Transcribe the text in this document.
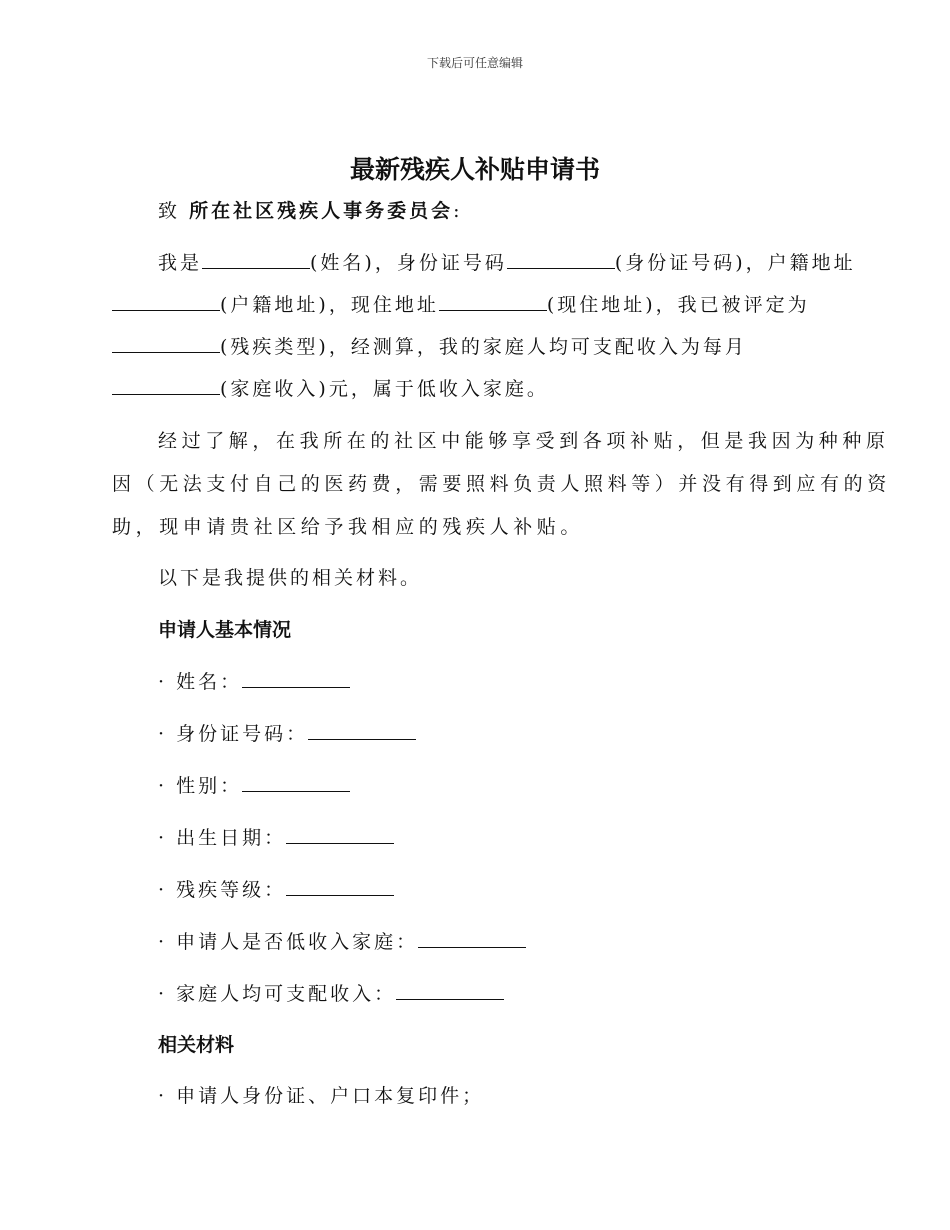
下载后可任意编辑
最新残疾人补贴申请书
致 所在社区残疾人事务委员会:
我是	(姓名)，身份证号码	(身份证号码)，户籍地址
(户籍地址)，现住地址	(现住地址)，我已被评定为
(残疾类型)，经测算，我的家庭人均可支配收入为每月
(家庭收入)元，属于低收入家庭。
经过了解，在我所在的社区中能够享受到各项补贴，但是我因为种种原
因（无法支付自己的医药费，需要照料负责人照料等）并没有得到应有的资
助，现申请贵社区给予我相应的残疾人补贴。
以下是我提供的相关材料。
申请人基本情况
· 姓名：
· 身份证号码：
· 性别：
· 出生日期：
· 残疾等级：
· 申请人是否低收入家庭：
· 家庭人均可支配收入：
相关材料
· 申请人身份证、户口本复印件；
